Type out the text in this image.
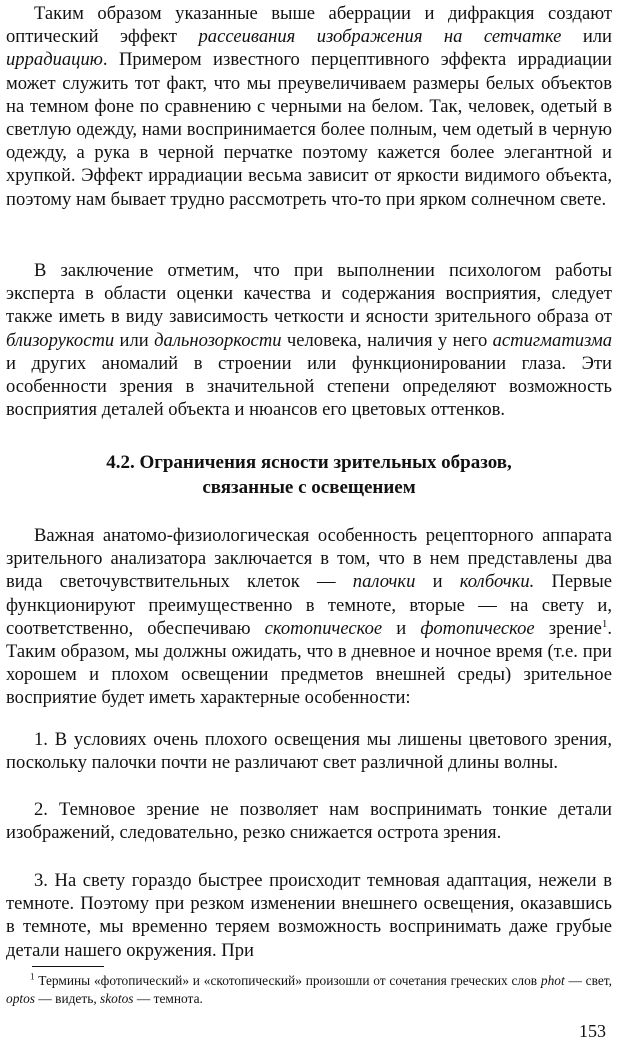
Таким образом указанные выше аберрации и дифракция создают оптический эффект рассеивания изображения на сетчатке или иррадиацию. Примером известного перцептивного эффекта иррадиации может служить тот факт, что мы преувеличиваем размеры белых объектов на темном фоне по сравнению с черными на белом. Так, человек, одетый в светлую одежду, нами воспринимается более полным, чем одетый в черную одежду, а рука в черной перчатке поэтому кажется более элегантной и хрупкой. Эффект иррадиации весьма зависит от яркости видимого объекта, поэтому нам бывает трудно рассмотреть что-то при ярком солнечном свете.

В заключение отметим, что при выполнении психологом работы эксперта в области оценки качества и содержания восприятия, следует также иметь в виду зависимость четкости и ясности зрительного образа от близорукости или дальнозоркости человека, наличия у него астигматизма и других аномалий в строении или функционировании глаза. Эти особенности зрения в значительной степени определяют возможность восприятия деталей объекта и нюансов его цветовых оттенков.

4.2. Ограничения ясности зрительных образов,
связанные с освещением

Важная анатомо-физиологическая особенность рецепторного аппарата зрительного анализатора заключается в том, что в нем представлены два вида светочувствительных клеток — палочки и колбочки. Первые функционируют преимущественно в темноте, вторые — на свету и, соответственно, обеспечиваю скотопическое и фотопическое зрение$^1$. Таким образом, мы должны ожидать, что в дневное и ночное время (т.е. при хорошем и плохом освещении предметов внешней среды) зрительное восприятие будет иметь характерные особенности:

1. В условиях очень плохого освещения мы лишены цветового зрения, поскольку палочки почти не различают свет различной длины волны.

2. Темновое зрение не позволяет нам воспринимать тонкие детали изображений, следовательно, резко снижается острота зрения.

3. На свету гораздо быстрее происходит темновая адаптация, нежели в темноте. Поэтому при резком изменении внешнего освещения, оказавшись в темноте, мы временно теряем возможность воспринимать даже грубые детали нашего окружения. При

$^1$ Термины «фотопический» и «скотопический» произошли от сочетания греческих слов phot — свет, optos — видеть, skotos — темнота.

153
